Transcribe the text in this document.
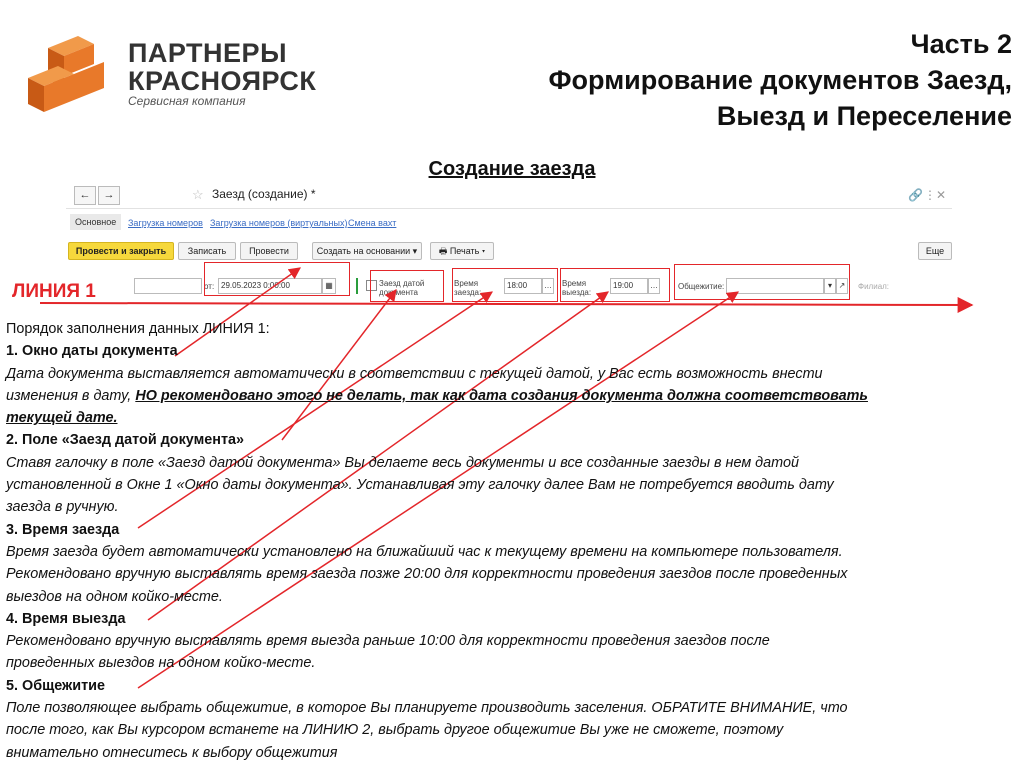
ПАРТНЕРЫ
КРАСНОЯРСК
Сервисная компания
Часть 2
Формирование документов Заезд,
Выезд и Переселение
Создание заезда
←	→	☆ Заезд (создание) *	🔗 ⋮ ✕
Основное	Загрузка номеров Загрузка номеров (виртуальных) Смена вахт
Провести и закрыть	Записать	Провести	Создать на основании ▾	🖶 Печать ▾	Еще
от: 29.05.2023 0:00:00	▦	Заезд датой документа
Время заезда:
18:00	… Время выезда:
19:00	…	Общежитие:	▾ ↗	Филиал:
ЛИНИЯ 1
Порядок заполнения данных ЛИНИЯ 1:
1. Окно даты документа
Дата документа выставляется автоматически в соответствии с текущей датой, у Вас есть возможность внести
изменения в дату, НО рекомендовано этого не делать, так как дата создания документа должна соответствовать
текущей дате.
2. Поле «Заезд датой документа»
Ставя галочку в поле «Заезд датой документа» Вы делаете весь документы и все созданные заезды в нем датой
установленной в Окне 1 «Окно даты документа». Устанавливая эту галочку далее Вам не потребуется вводить дату
заезда в ручную.
3. Время заезда
Время заезда будет автоматически установлено на ближайший час к текущему времени на компьютере пользователя.
Рекомендовано вручную выставлять время заезда позже 20:00 для корректности проведения заездов после проведенных
выездов на одном койко-месте.
4. Время выезда
Рекомендовано вручную выставлять время выезда раньше 10:00 для корректности проведения заездов после
проведенных выездов на одном койко-месте.
5. Общежитие
Поле позволяющее выбрать общежитие, в которое Вы планируете производить заселения. ОБРАТИТЕ ВНИМАНИЕ, что
после того, как Вы курсором встанете на ЛИНИЮ 2, выбрать другое общежитие Вы уже не сможете, поэтому
внимательно отнеситесь к выбору общежития
